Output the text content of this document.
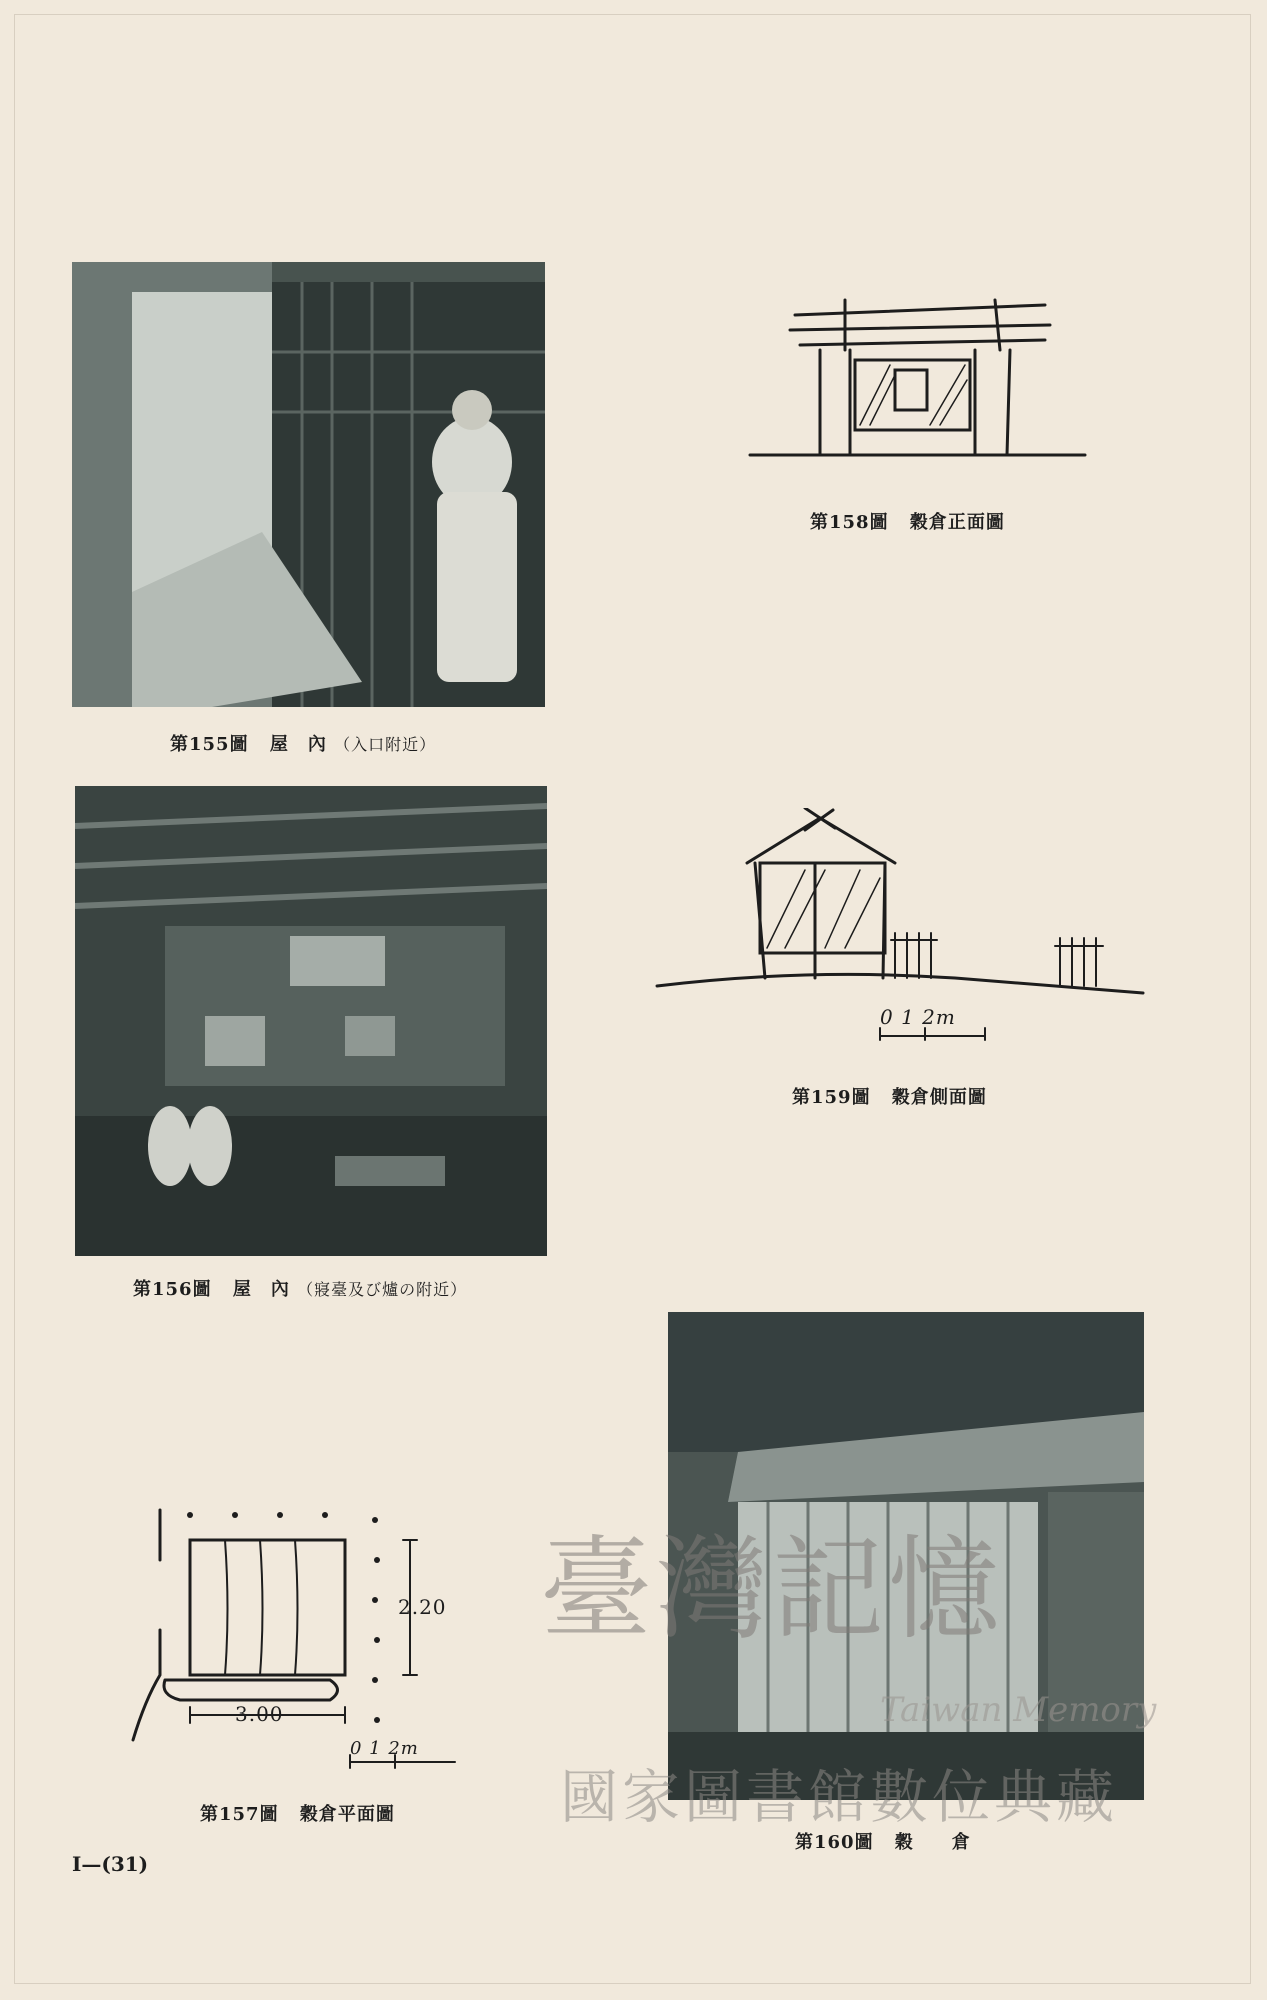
第155圖 屋　內 （入口附近）
第156圖 屋　內 （寢臺及び爐の附近）
第158圖 穀倉正面圖
0 1 2m
第159圖 穀倉側面圖
3.00
2.20
0 1 2m
第157圖 穀倉平面圖
第160圖 穀　　倉
I—(31)
臺灣記憶
Taiwan Memory
國家圖書館數位典藏
